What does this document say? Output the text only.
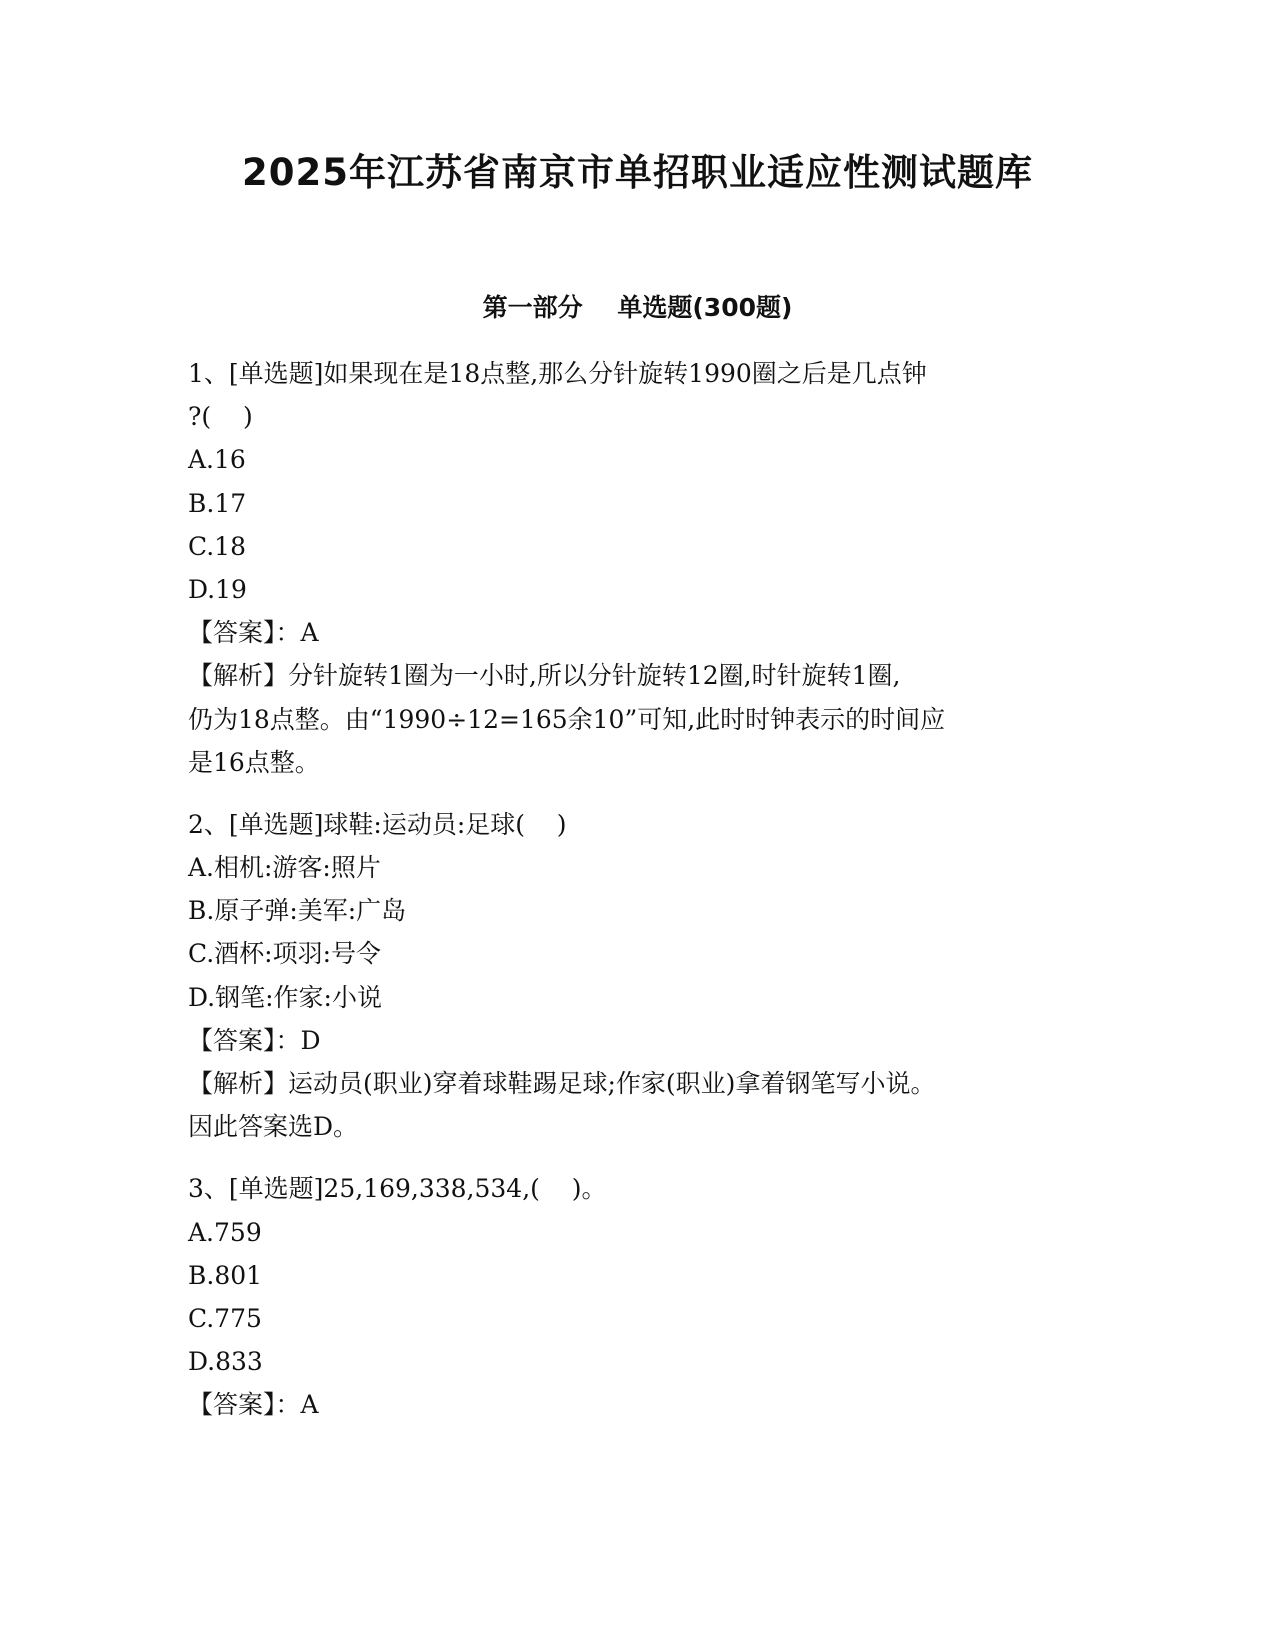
2025年江苏省南京市单招职业适应性测试题库
第一部分    单选题(300题)
1、[单选题]如果现在是18点整,那么分针旋转1990圈之后是几点钟
?(    )
A.16
B.17
C.18
D.19
【答案】：A
【解析】分针旋转1圈为一小时,所以分针旋转12圈,时针旋转1圈,
仍为18点整。由“1990÷12=165余10”可知,此时时钟表示的时间应
是16点整。
2、[单选题]球鞋:运动员:足球(    )
A.相机:游客:照片
B.原子弹:美军:广岛
C.酒杯:项羽:号令
D.钢笔:作家:小说
【答案】：D
【解析】运动员(职业)穿着球鞋踢足球;作家(职业)拿着钢笔写小说。
因此答案选D。
3、[单选题]25,169,338,534,(    )。
A.759
B.801
C.775
D.833
【答案】：A
